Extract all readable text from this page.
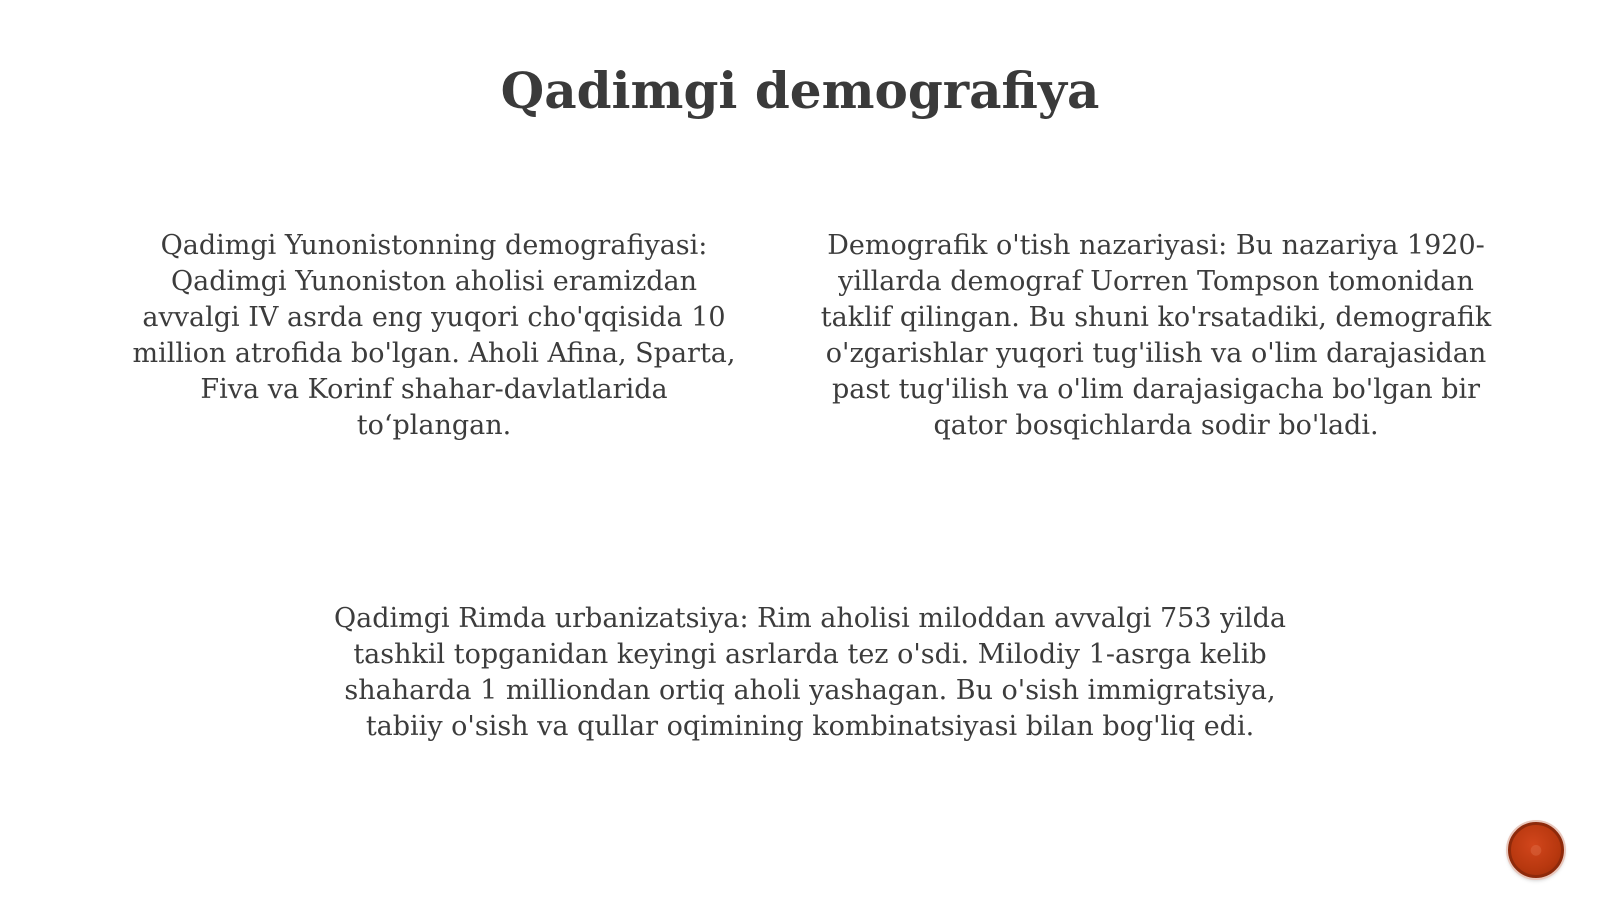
Qadimgi demografiya
Qadimgi Yunonistonning demografiyasi:
Qadimgi Yunoniston aholisi eramizdan
avvalgi IV asrda eng yuqori cho'qqisida 10
million atrofida bo'lgan. Aholi Afina, Sparta,
Fiva va Korinf shahar-davlatlarida
to‘plangan.
Demografik o'tish nazariyasi: Bu nazariya 1920-
yillarda demograf Uorren Tompson tomonidan
taklif qilingan. Bu shuni ko'rsatadiki, demografik
o'zgarishlar yuqori tug'ilish va o'lim darajasidan
past tug'ilish va o'lim darajasigacha bo'lgan bir
qator bosqichlarda sodir bo'ladi.
Qadimgi Rimda urbanizatsiya: Rim aholisi miloddan avvalgi 753 yilda
tashkil topganidan keyingi asrlarda tez o'sdi. Milodiy 1-asrga kelib
shaharda 1 milliondan ortiq aholi yashagan. Bu o'sish immigratsiya,
tabiiy o'sish va qullar oqimining kombinatsiyasi bilan bog'liq edi.
●
